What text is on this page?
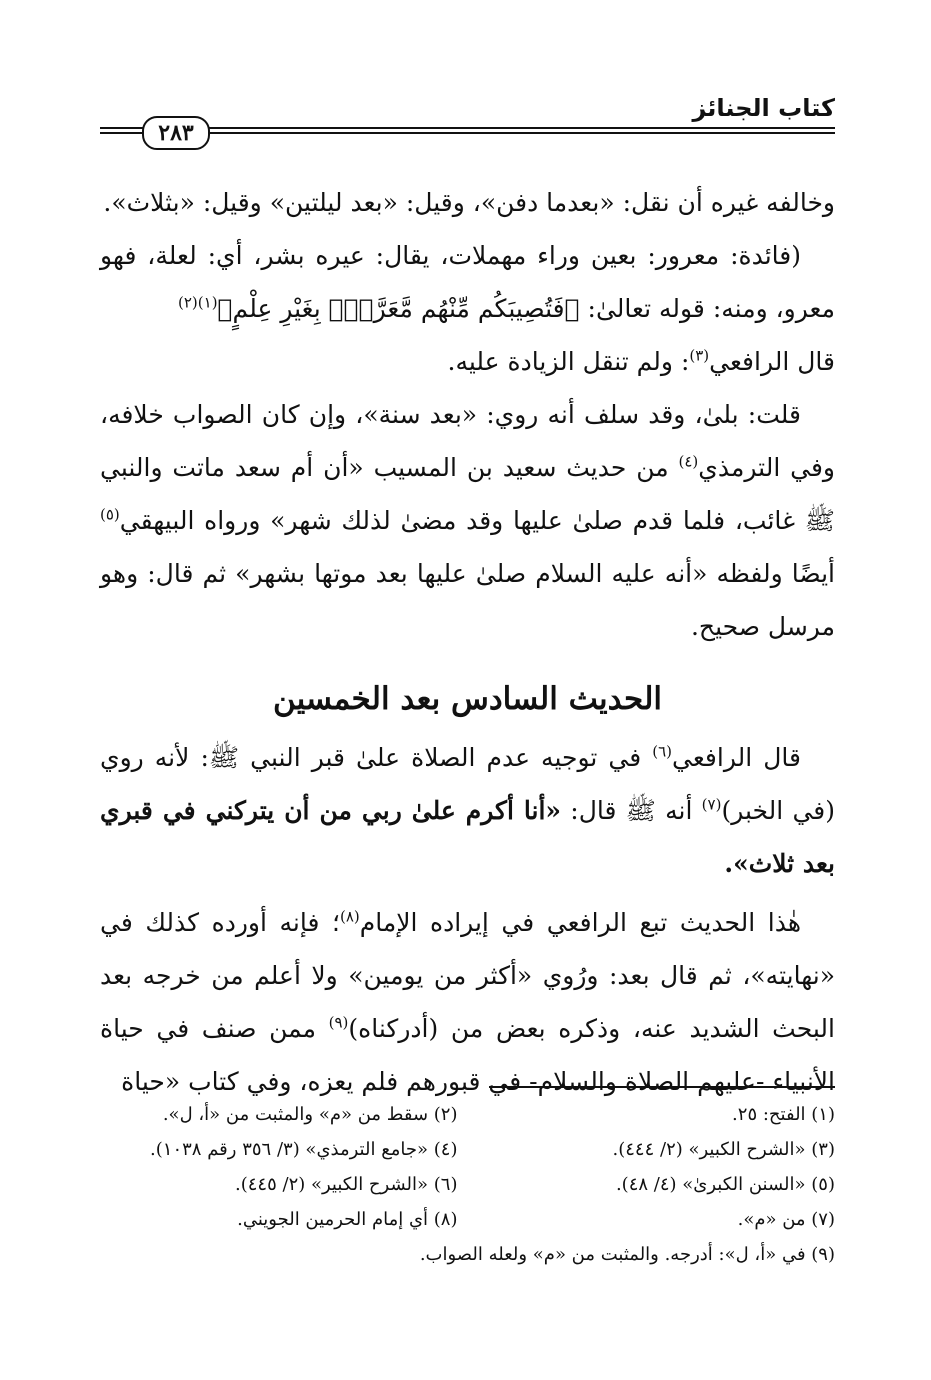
كتاب الجنائز
٢٨٣

وخالفه غيره أن نقل: «بعدما دفن»، وقيل: «بعد ليلتين» وقيل: «بثلاث».

(فائدة: معرور: بعين وراء مهملات، يقال: عيره بشر، أي: لعلة، فهو معرو، ومنه: قوله تعالىٰ: ﴿فَتُصِيبَكُم مِّنْهُم مَّعَرَّةٌۢ بِغَيْرِ عِلْمٍ﴾$^{(١)(٢)}$

قال الرافعي$^{(٣)}$: ولم تنقل الزيادة عليه.

قلت: بلىٰ، وقد سلف أنه روي: «بعد سنة»، وإن كان الصواب خلافه، وفي الترمذي$^{(٤)}$ من حديث سعيد بن المسيب «أن أم سعد ماتت والنبي ﷺ غائب، فلما قدم صلىٰ عليها وقد مضىٰ لذلك شهر» ورواه البيهقي$^{(٥)}$ أيضًا ولفظه «أنه عليه السلام صلىٰ عليها بعد موتها بشهر» ثم قال: وهو مرسل صحيح.

الحديث السادس بعد الخمسين

قال الرافعي$^{(٦)}$ في توجيه عدم الصلاة علىٰ قبر النبي ﷺ: لأنه روي (في الخبر)$^{(٧)}$ أنه ﷺ قال: «أنا أكرم علىٰ ربي من أن يتركني في قبري بعد ثلاث».

هٰذا الحديث تبع الرافعي في إيراده الإمام$^{(٨)}$؛ فإنه أورده كذلك في «نهايته»، ثم قال بعد: ورُوي «أكثر من يومين» ولا أعلم من خرجه بعد البحث الشديد عنه، وذكره بعض من (أدركناه)$^{(٩)}$ ممن صنف في حياة الأنبياء -عليهم الصلاة والسلام- في قبورهم فلم يعزه، وفي كتاب «حياة

(١) الفتح: ٢٥.
(٢) سقط من «م» والمثبت من «أ، ل».
(٣) «الشرح الكبير» (٢/ ٤٤٤).
(٤) «جامع الترمذي» (٣/ ٣٥٦ رقم ١٠٣٨).
(٥) «السنن الكبرىٰ» (٤/ ٤٨).
(٦) «الشرح الكبير» (٢/ ٤٤٥).
(٧) من «م».
(٨) أي إمام الحرمين الجويني.
(٩) في «أ، ل»: أدرجه. والمثبت من «م» ولعله الصواب.
